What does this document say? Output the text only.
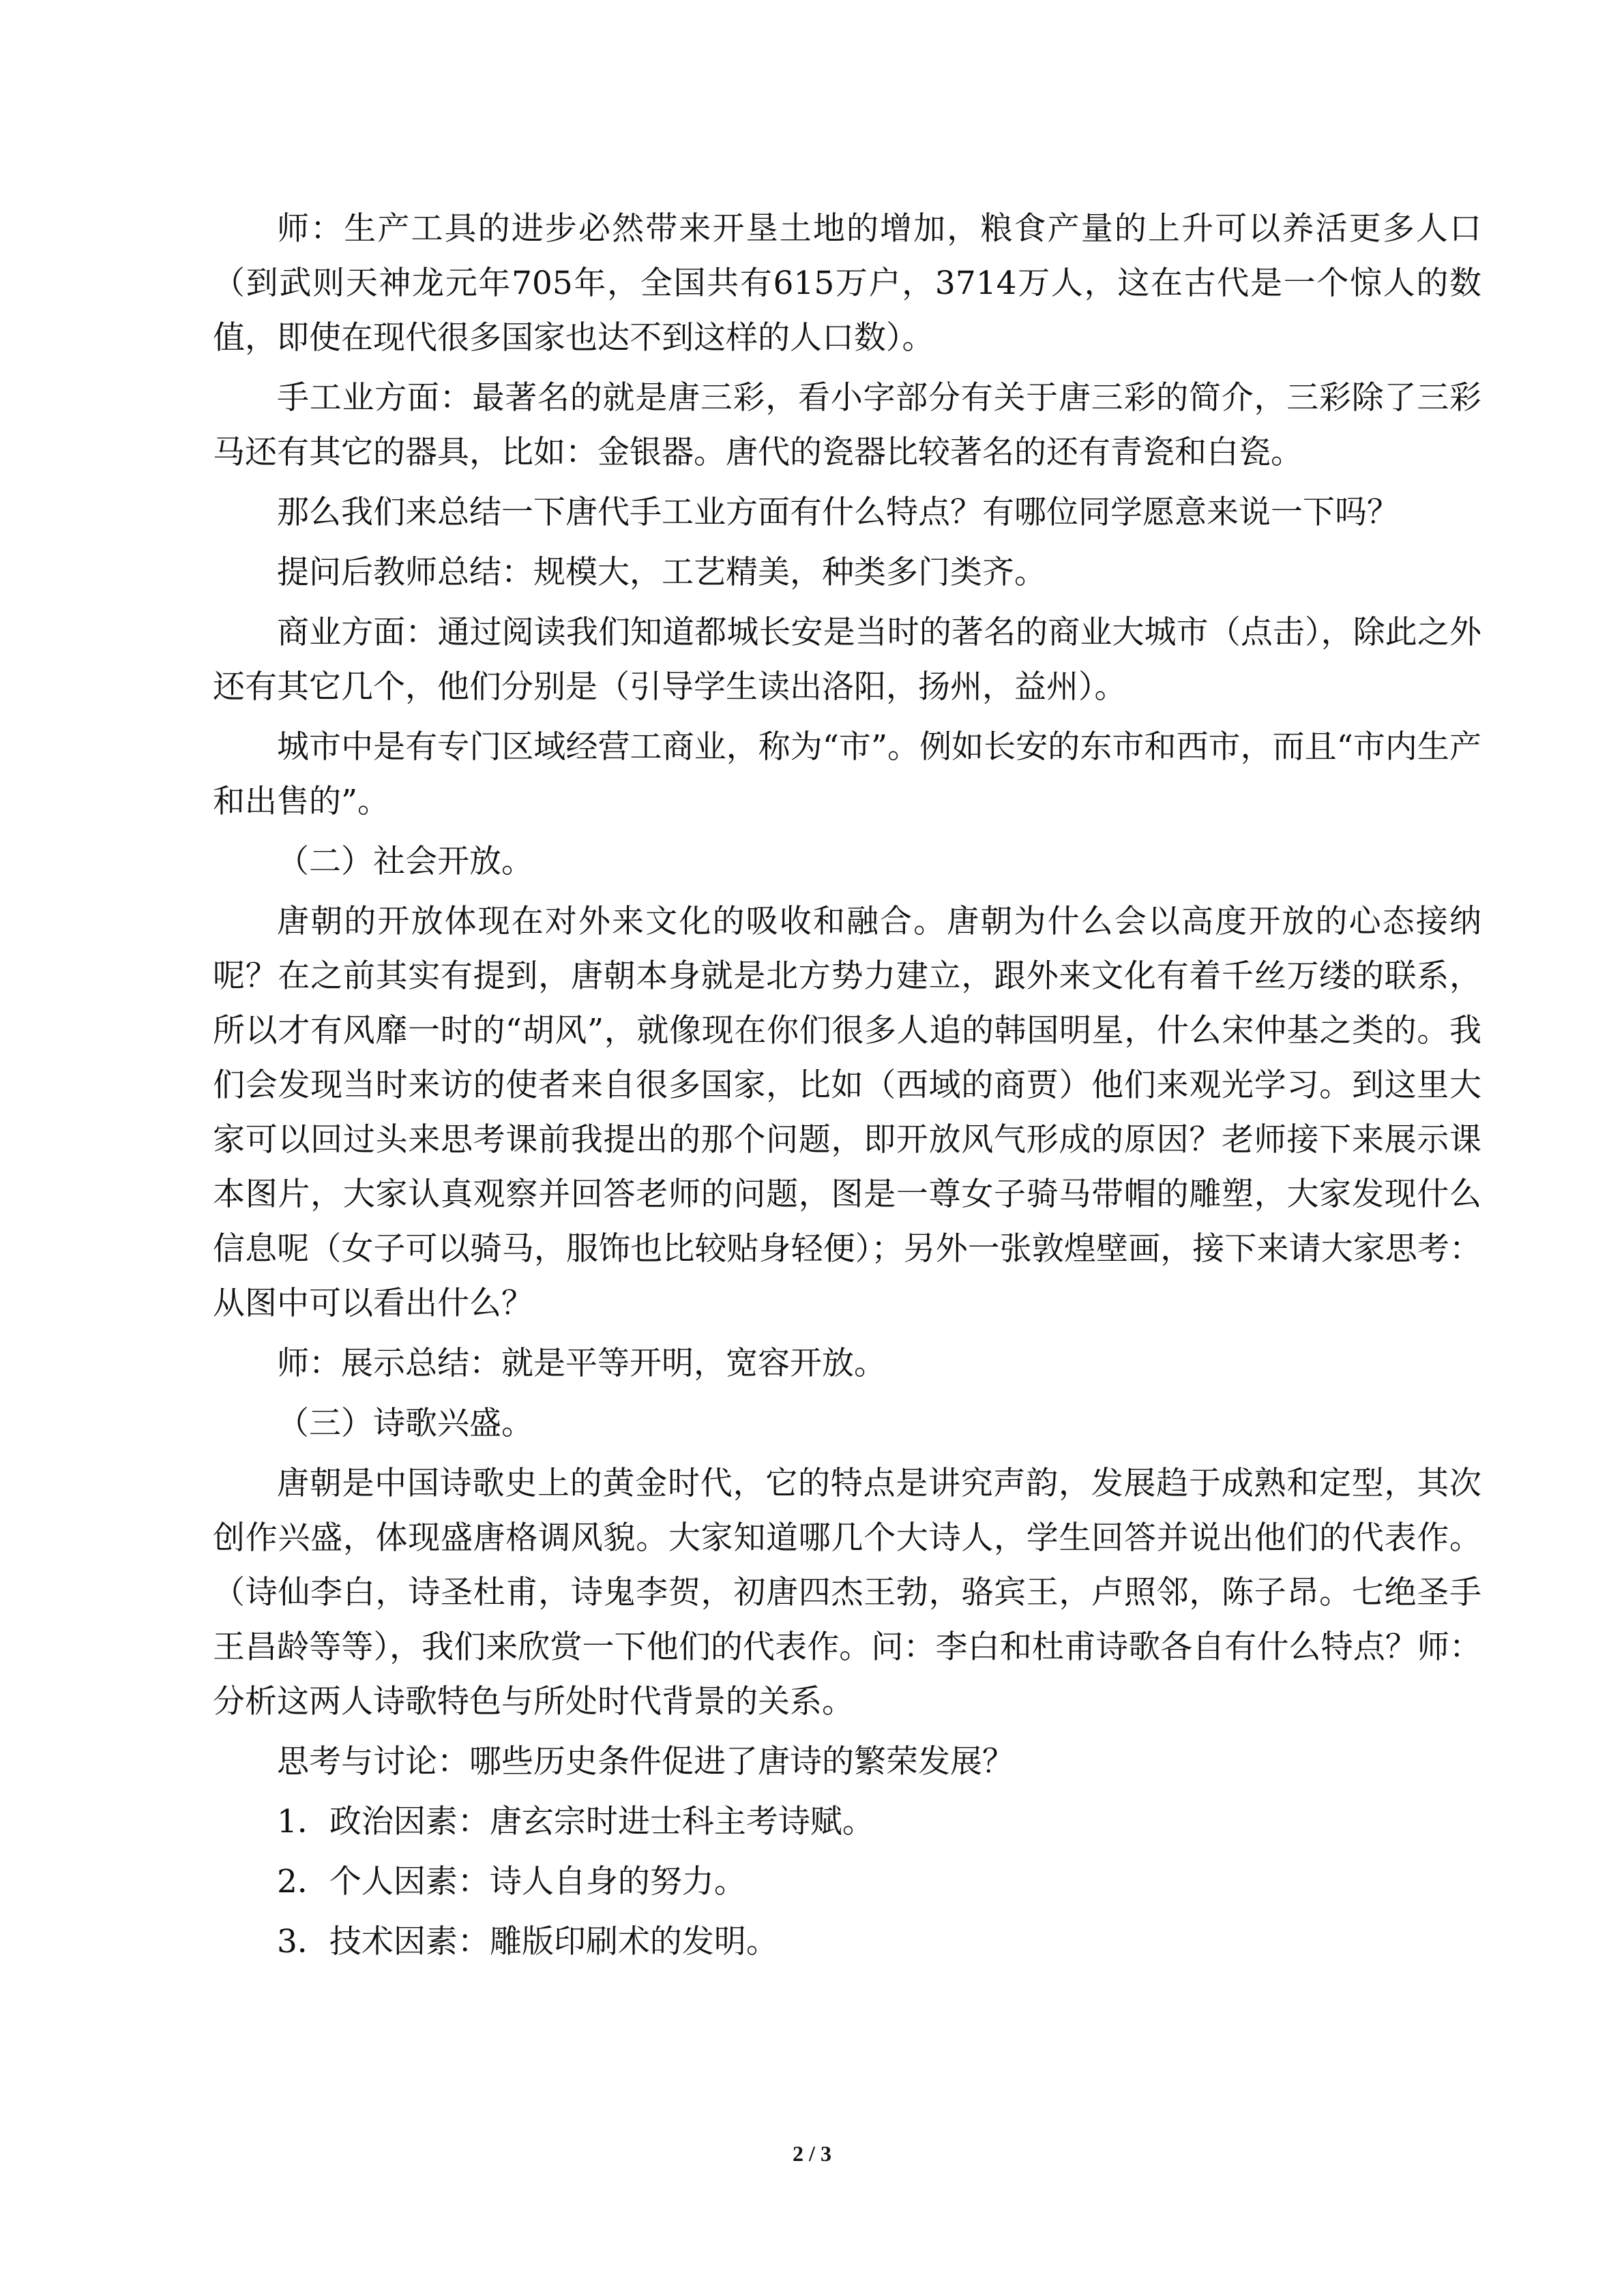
师：生产工具的进步必然带来开垦土地的增加，粮食产量的上升可以养活更多人口（到武则天神龙元年705年，全国共有615万户，3714万人，这在古代是一个惊人的数值，即使在现代很多国家也达不到这样的人口数）。

手工业方面：最著名的就是唐三彩，看小字部分有关于唐三彩的简介，三彩除了三彩马还有其它的器具，比如：金银器。唐代的瓷器比较著名的还有青瓷和白瓷。

那么我们来总结一下唐代手工业方面有什么特点？有哪位同学愿意来说一下吗？

提问后教师总结：规模大，工艺精美，种类多门类齐。

商业方面：通过阅读我们知道都城长安是当时的著名的商业大城市（点击），除此之外还有其它几个，他们分别是（引导学生读出洛阳，扬州，益州）。

城市中是有专门区域经营工商业，称为“市”。例如长安的东市和西市，而且“市内生产和出售的”。

（二）社会开放。

唐朝的开放体现在对外来文化的吸收和融合。唐朝为什么会以高度开放的心态接纳呢？在之前其实有提到，唐朝本身就是北方势力建立，跟外来文化有着千丝万缕的联系，所以才有风靡一时的“胡风”，就像现在你们很多人追的韩国明星，什么宋仲基之类的。我们会发现当时来访的使者来自很多国家，比如（西域的商贾）他们来观光学习。到这里大家可以回过头来思考课前我提出的那个问题，即开放风气形成的原因？老师接下来展示课本图片，大家认真观察并回答老师的问题，图是一尊女子骑马带帽的雕塑，大家发现什么信息呢（女子可以骑马，服饰也比较贴身轻便）；另外一张敦煌壁画，接下来请大家思考：从图中可以看出什么？

师：展示总结：就是平等开明，宽容开放。

（三）诗歌兴盛。

唐朝是中国诗歌史上的黄金时代，它的特点是讲究声韵，发展趋于成熟和定型，其次创作兴盛，体现盛唐格调风貌。大家知道哪几个大诗人，学生回答并说出他们的代表作。（诗仙李白，诗圣杜甫，诗鬼李贺，初唐四杰王勃，骆宾王，卢照邻，陈子昂。七绝圣手王昌龄等等），我们来欣赏一下他们的代表作。问：李白和杜甫诗歌各自有什么特点？师：分析这两人诗歌特色与所处时代背景的关系。

思考与讨论：哪些历史条件促进了唐诗的繁荣发展？

1．政治因素：唐玄宗时进士科主考诗赋。

2．个人因素：诗人自身的努力。

3．技术因素：雕版印刷术的发明。

2 / 3
